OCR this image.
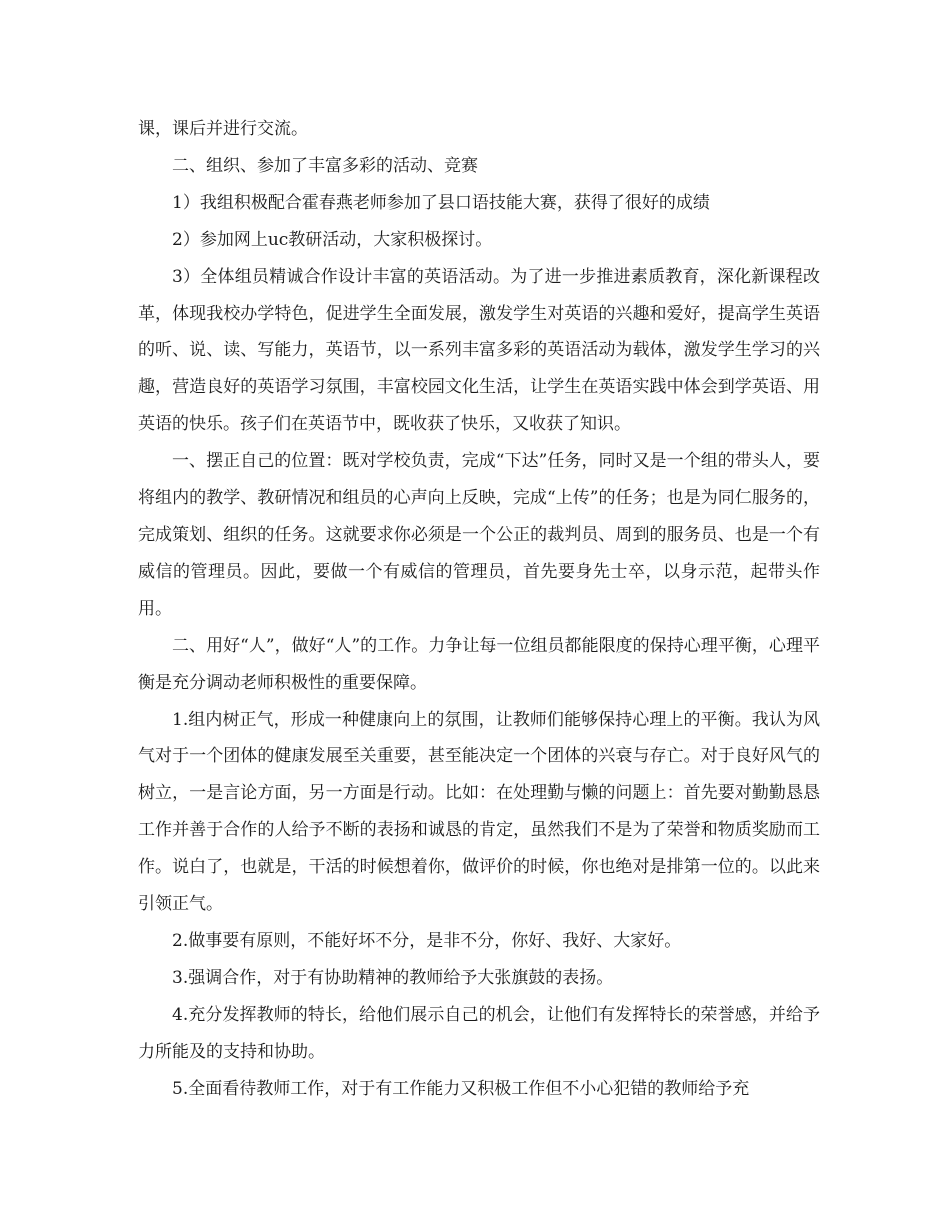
课，课后并进行交流。

二、组织、参加了丰富多彩的活动、竞赛

1）我组积极配合霍春燕老师参加了县口语技能大赛，获得了很好的成绩

2）参加网上uc教研活动，大家积极探讨。

3）全体组员精诚合作设计丰富的英语活动。为了进一步推进素质教育，深化新课程改革，体现我校办学特色，促进学生全面发展，激发学生对英语的兴趣和爱好，提高学生英语的听、说、读、写能力，英语节，以一系列丰富多彩的英语活动为载体，激发学生学习的兴趣，营造良好的英语学习氛围，丰富校园文化生活，让学生在英语实践中体会到学英语、用英语的快乐。孩子们在英语节中，既收获了快乐，又收获了知识。

一、摆正自己的位置：既对学校负责，完成“下达”任务，同时又是一个组的带头人，要将组内的教学、教研情况和组员的心声向上反映，完成“上传”的任务；也是为同仁服务的，完成策划、组织的任务。这就要求你必须是一个公正的裁判员、周到的服务员、也是一个有威信的管理员。因此，要做一个有威信的管理员，首先要身先士卒，以身示范，起带头作用。

二、用好“人”，做好“人”的工作。力争让每一位组员都能限度的保持心理平衡，心理平衡是充分调动老师积极性的重要保障。

1.组内树正气，形成一种健康向上的氛围，让教师们能够保持心理上的平衡。我认为风气对于一个团体的健康发展至关重要，甚至能决定一个团体的兴衰与存亡。对于良好风气的树立，一是言论方面，另一方面是行动。比如：在处理勤与懒的问题上：首先要对勤勤恳恳工作并善于合作的人给予不断的表扬和诚恳的肯定，虽然我们不是为了荣誉和物质奖励而工作。说白了，也就是，干活的时候想着你，做评价的时候，你也绝对是排第一位的。以此来引领正气。

2.做事要有原则，不能好坏不分，是非不分，你好、我好、大家好。

3.强调合作，对于有协助精神的教师给予大张旗鼓的表扬。

4.充分发挥教师的特长，给他们展示自己的机会，让他们有发挥特长的荣誉感，并给予力所能及的支持和协助。

5.全面看待教师工作，对于有工作能力又积极工作但不小心犯错的教师给予充
